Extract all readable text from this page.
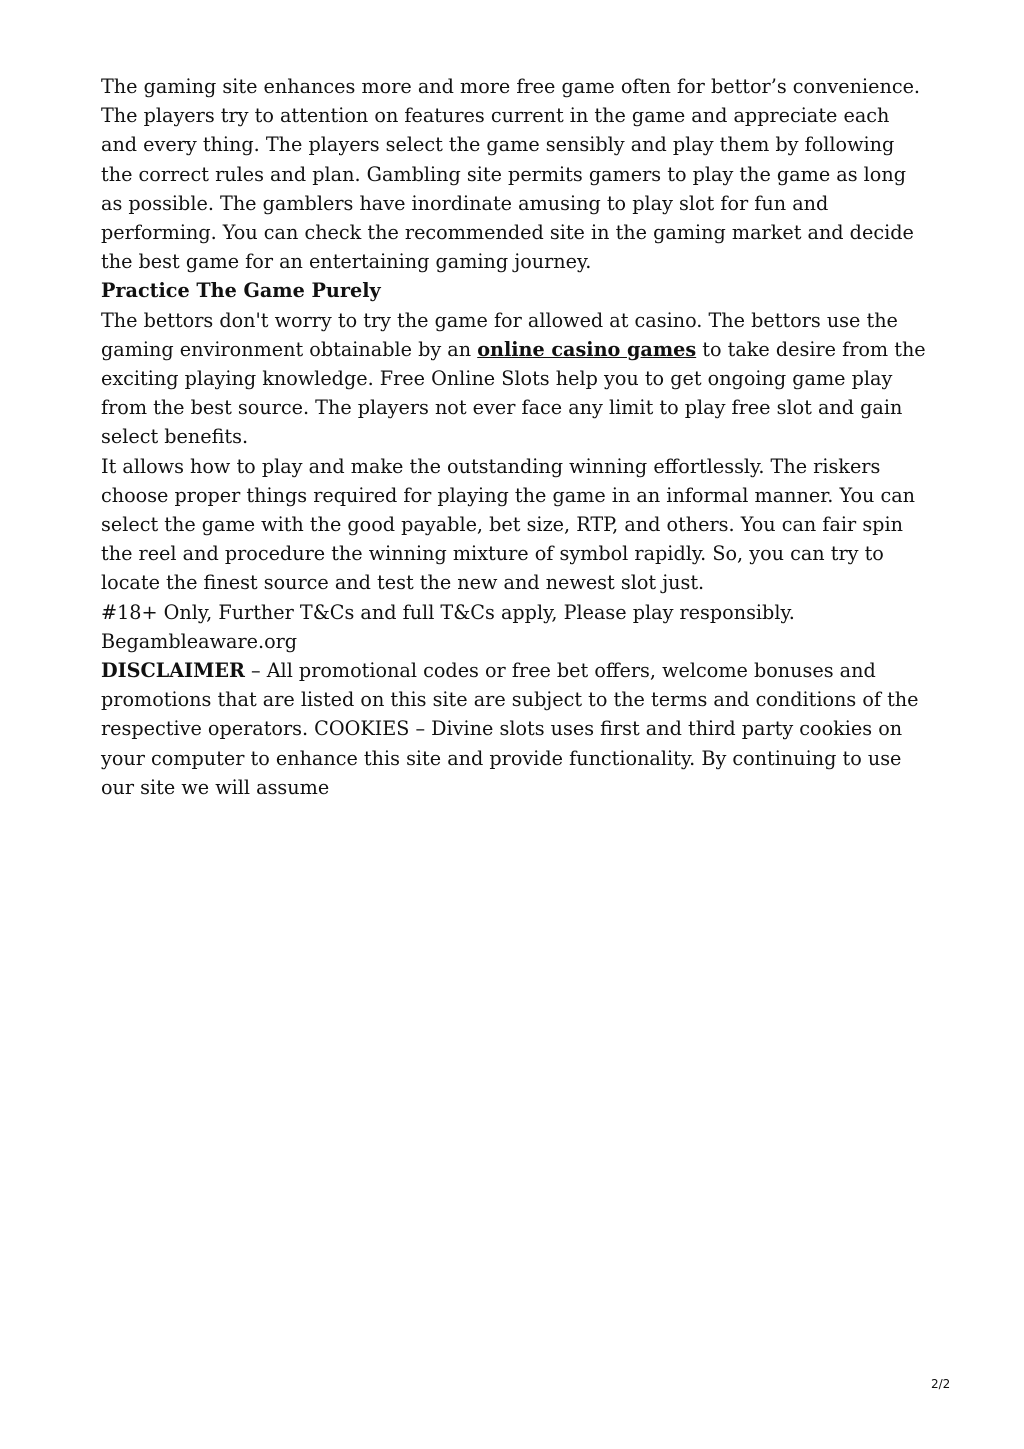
The gaming site enhances more and more free game often for bettor’s convenience. The players try to attention on features current in the game and appreciate each and every thing. The players select the game sensibly and play them by following the correct rules and plan. Gambling site permits gamers to play the game as long as possible. The gamblers have inordinate amusing to play slot for fun and performing. You can check the recommended site in the gaming market and decide the best game for an entertaining gaming journey.

Practice The Game Purely

The bettors don't worry to try the game for allowed at casino. The bettors use the gaming environment obtainable by an online casino games to take desire from the exciting playing knowledge. Free Online Slots help you to get ongoing game play from the best source. The players not ever face any limit to play free slot and gain select benefits.

It allows how to play and make the outstanding winning effortlessly. The riskers choose proper things required for playing the game in an informal manner. You can select the game with the good payable, bet size, RTP, and others. You can fair spin the reel and procedure the winning mixture of symbol rapidly. So, you can try to locate the finest source and test the new and newest slot just.

#18+ Only, Further T&Cs and full T&Cs apply, Please play responsibly.

Begambleaware.org

DISCLAIMER – All promotional codes or free bet offers, welcome bonuses and promotions that are listed on this site are subject to the terms and conditions of the respective operators. COOKIES – Divine slots uses first and third party cookies on your computer to enhance this site and provide functionality. By continuing to use our site we will assume

2/2
